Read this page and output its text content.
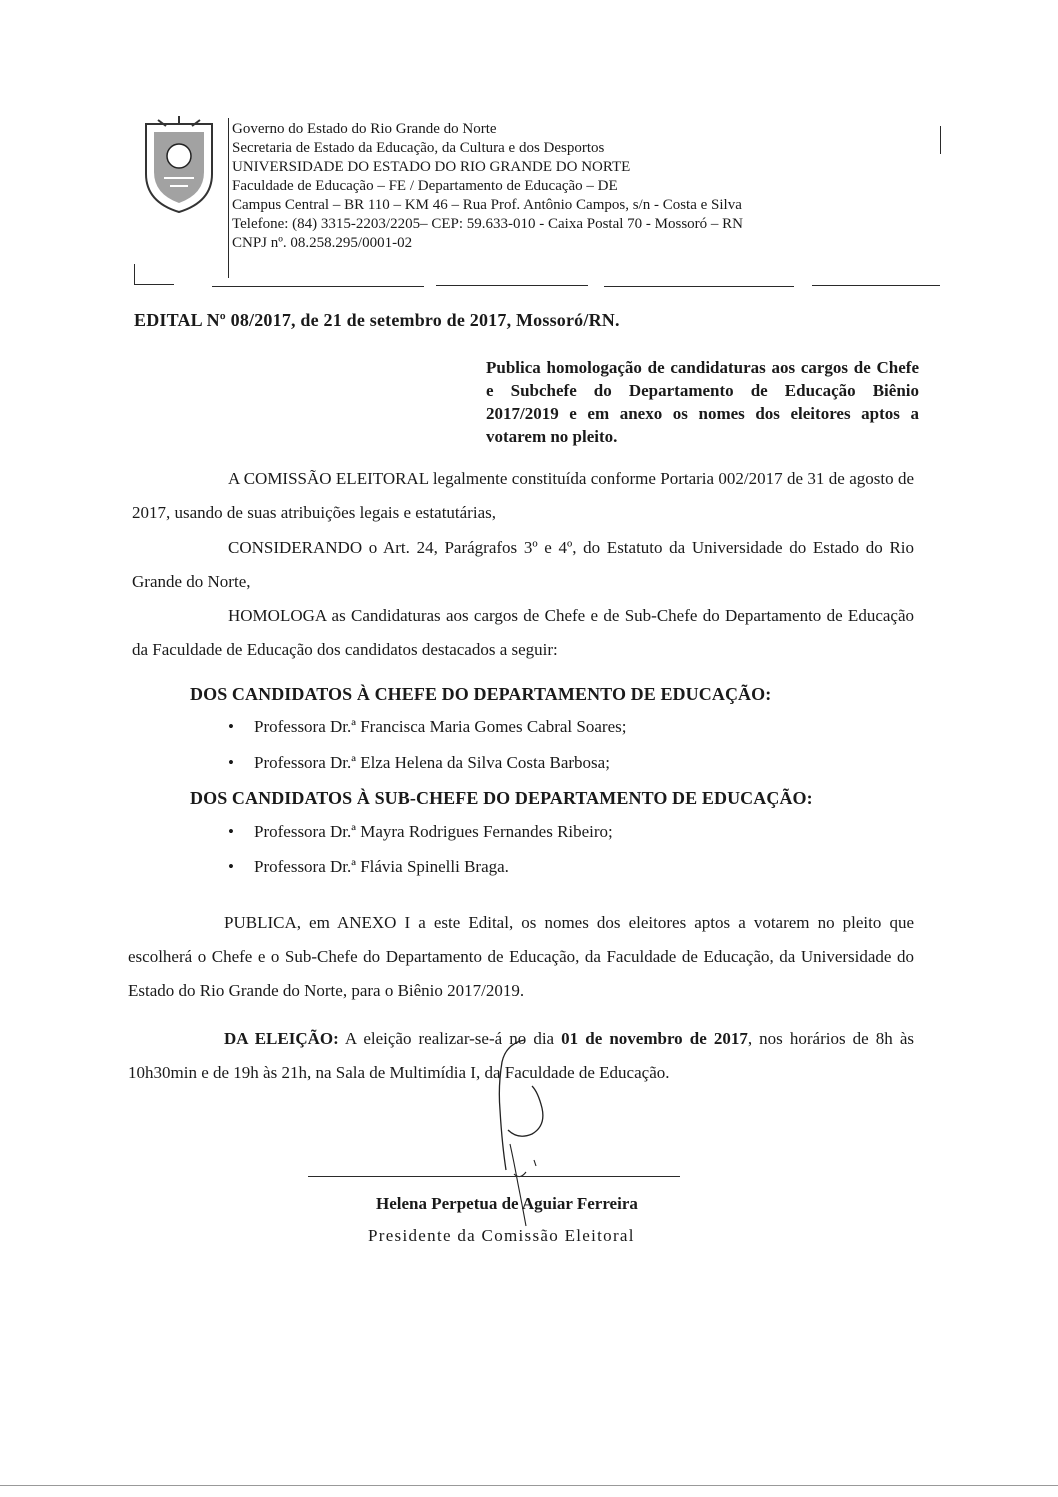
Governo do Estado do Rio Grande do Norte
Secretaria de Estado da Educação, da Cultura e dos Desportos
UNIVERSIDADE DO ESTADO DO RIO GRANDE DO NORTE
Faculdade de Educação – FE / Departamento de Educação – DE
Campus Central – BR 110 – KM 46 – Rua Prof. Antônio Campos, s/n - Costa e Silva
Telefone: (84) 3315-2203/2205– CEP: 59.633-010 - Caixa Postal 70 - Mossoró – RN
CNPJ nº. 08.258.295/0001-02
EDITAL Nº 08/2017, de 21 de setembro de 2017, Mossoró/RN.
Publica homologação de candidaturas aos cargos de Chefe e Subchefe do Departamento de Educação Biênio 2017/2019 e em anexo os nomes dos eleitores aptos a votarem no pleito.
A COMISSÃO ELEITORAL legalmente constituída conforme Portaria 002/2017 de 31 de agosto de 2017, usando de suas atribuições legais e estatutárias,
CONSIDERANDO o Art. 24, Parágrafos 3º e 4º, do Estatuto da Universidade do Estado do Rio Grande do Norte,
HOMOLOGA as Candidaturas aos cargos de Chefe e de Sub-Chefe do Departamento de Educação da Faculdade de Educação dos candidatos destacados a seguir:
DOS CANDIDATOS À CHEFE DO DEPARTAMENTO DE EDUCAÇÃO:
• Professora Dr.ª Francisca Maria Gomes Cabral Soares;
• Professora Dr.ª Elza Helena da Silva Costa Barbosa;
DOS CANDIDATOS À SUB-CHEFE DO DEPARTAMENTO DE EDUCAÇÃO:
• Professora Dr.ª Mayra Rodrigues Fernandes Ribeiro;
• Professora Dr.ª Flávia Spinelli Braga.
PUBLICA, em ANEXO I a este Edital, os nomes dos eleitores aptos a votarem no pleito que escolherá o Chefe e o Sub-Chefe do Departamento de Educação, da Faculdade de Educação, da Universidade do Estado do Rio Grande do Norte, para o Biênio 2017/2019.
DA ELEIÇÃO: A eleição realizar-se-á no dia 01 de novembro de 2017, nos horários de 8h às 10h30min e de 19h às 21h, na Sala de Multimídia I, da Faculdade de Educação.
Helena Perpetua de Aguiar Ferreira
Presidente da Comissão Eleitoral
